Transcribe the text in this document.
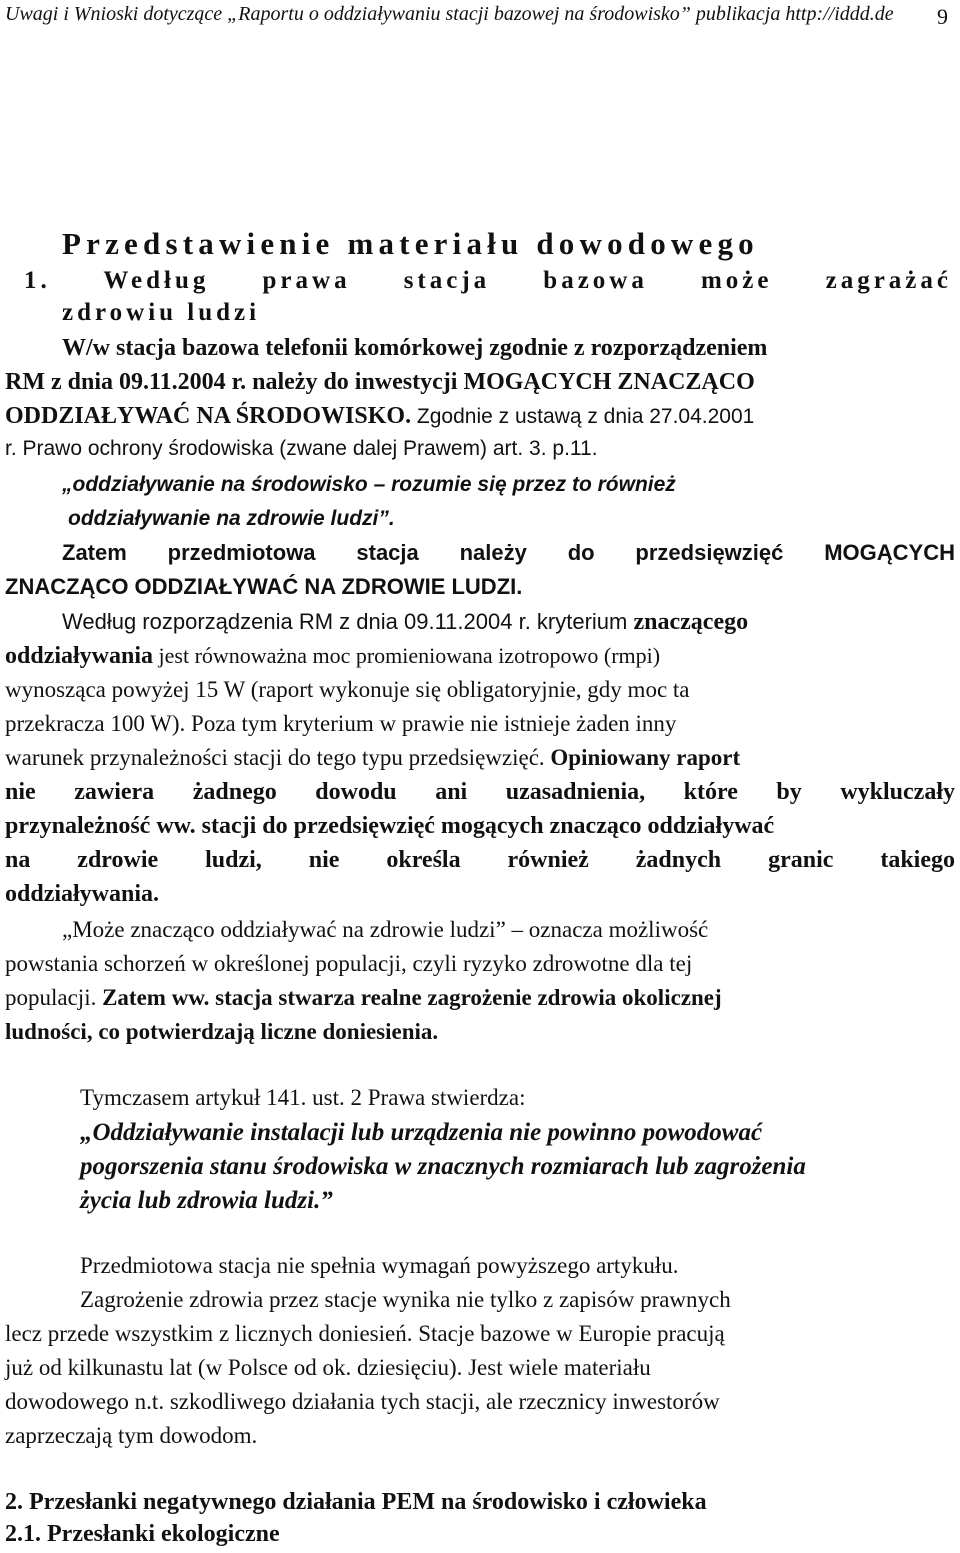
Uwagi i Wnioski dotyczące „Raportu o oddziaływaniu stacji bazowej na środowisko” publikacja http://iddd.de	9

Przedstawienie materiału dowodowego

1. Według prawa stacja bazowa może zagrażać

zdrowiu ludzi

W/w stacja bazowa telefonii komórkowej zgodnie z rozporządzeniem

RM z dnia 09.11.2004 r. należy do inwestycji MOGĄCYCH ZNACZĄCO

ODDZIAŁYWAĆ NA ŚRODOWISKO. Zgodnie z ustawą z dnia 27.04.2001

r. Prawo ochrony środowiska (zwane dalej Prawem) art. 3. p.11.

„oddziaływanie na środowisko – rozumie się przez to również

oddziaływanie na zdrowie ludzi”.

Zatem przedmiotowa stacja należy do przedsięwzięć MOGĄCYCH

ZNACZĄCO ODDZIAŁYWAĆ NA ZDROWIE LUDZI.

Według rozporządzenia RM z dnia 09.11.2004 r. kryterium znaczącego

oddziaływania jest równoważna moc promieniowana izotropowo (rmpi)

wynosząca powyżej 15 W (raport wykonuje się obligatoryjnie, gdy moc ta

przekracza 100 W). Poza tym kryterium w prawie nie istnieje żaden inny

warunek przynależności stacji do tego typu przedsięwzięć. Opiniowany raport

nie zawiera żadnego dowodu ani uzasadnienia, które by wykluczały

przynależność ww. stacji do przedsięwzięć mogących znacząco oddziaływać

na zdrowie ludzi, nie określa również żadnych granic takiego

oddziaływania.

„Może znacząco oddziaływać na zdrowie ludzi” – oznacza możliwość

powstania schorzeń w określonej populacji, czyli ryzyko zdrowotne dla tej

populacji. Zatem ww. stacja stwarza realne zagrożenie zdrowia okolicznej

ludności, co potwierdzają liczne doniesienia.

Tymczasem artykuł 141. ust. 2 Prawa stwierdza:

„Oddziaływanie instalacji lub urządzenia nie powinno powodować

pogorszenia stanu środowiska w znacznych rozmiarach lub zagrożenia

życia lub zdrowia ludzi.”

Przedmiotowa stacja nie spełnia wymagań powyższego artykułu.

Zagrożenie zdrowia przez stacje wynika nie tylko z zapisów prawnych

lecz przede wszystkim z licznych doniesień. Stacje bazowe w Europie pracują

już od kilkunastu lat (w Polsce od ok. dziesięciu). Jest wiele materiału

dowodowego n.t. szkodliwego działania tych stacji, ale rzecznicy inwestorów

zaprzeczają tym dowodom.

2. Przesłanki negatywnego działania PEM na środowisko i człowieka

2.1. Przesłanki ekologiczne
